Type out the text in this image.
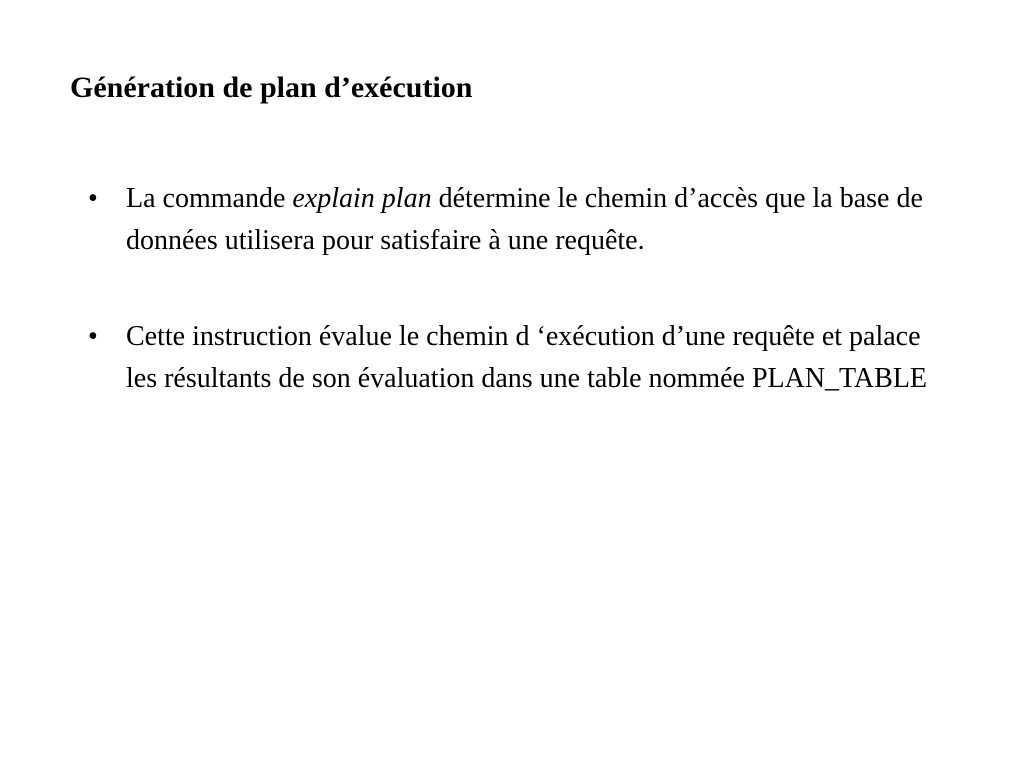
Génération de plan d’exécution
• La commande explain plan détermine le chemin d’accès que la base de données utilisera pour satisfaire à une requête.
• Cette instruction évalue le chemin d ‘exécution d’une requête et palace les résultants de son évaluation dans une table nommée PLAN_TABLE
